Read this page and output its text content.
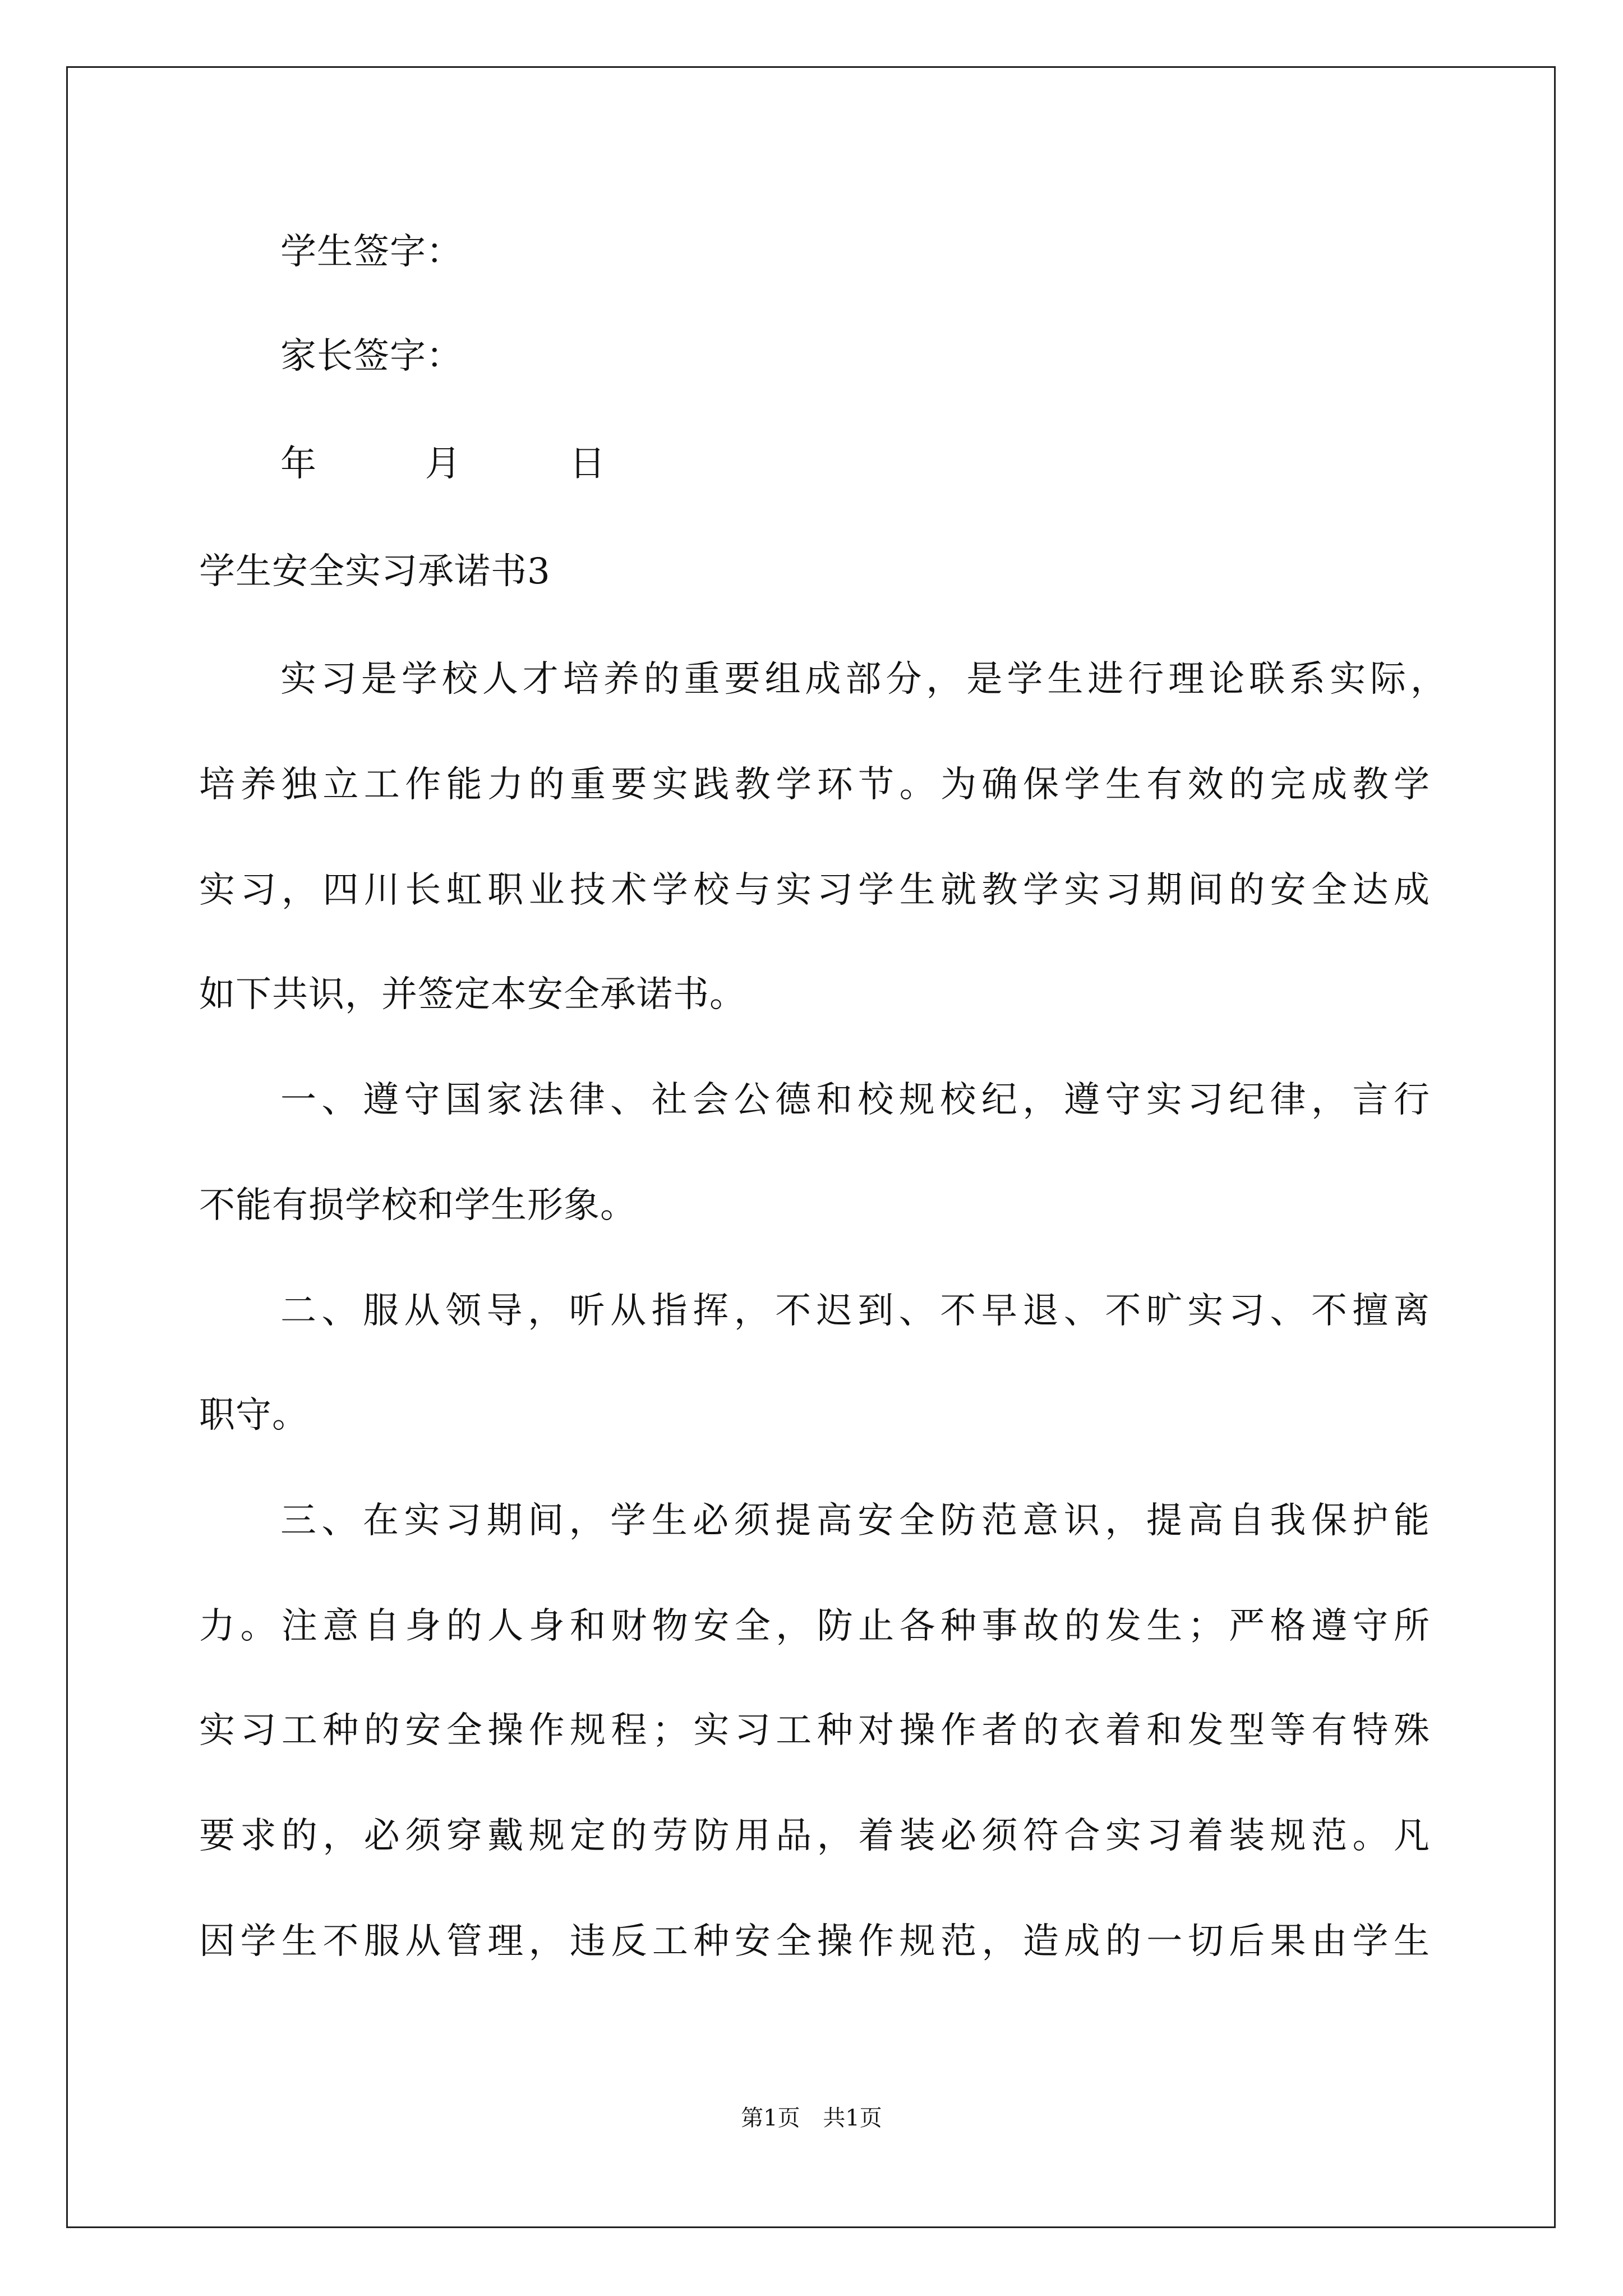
学生签字：
家长签字：
年	月	日
学生安全实习承诺书3
实习是学校人才培养的重要组成部分，是学生进行理论联系实际，
培养独立工作能力的重要实践教学环节。为确保学生有效的完成教学
实习，四川长虹职业技术学校与实习学生就教学实习期间的安全达成
如下共识，并签定本安全承诺书。
一、遵守国家法律、社会公德和校规校纪，遵守实习纪律，言行
不能有损学校和学生形象。
二、服从领导，听从指挥，不迟到、不早退、不旷实习、不擅离
职守。
三、在实习期间，学生必须提高安全防范意识，提高自我保护能
力。注意自身的人身和财物安全，防止各种事故的发生；严格遵守所
实习工种的安全操作规程；实习工种对操作者的衣着和发型等有特殊
要求的，必须穿戴规定的劳防用品，着装必须符合实习着装规范。凡
因学生不服从管理，违反工种安全操作规范，造成的一切后果由学生
第1页 共1页
